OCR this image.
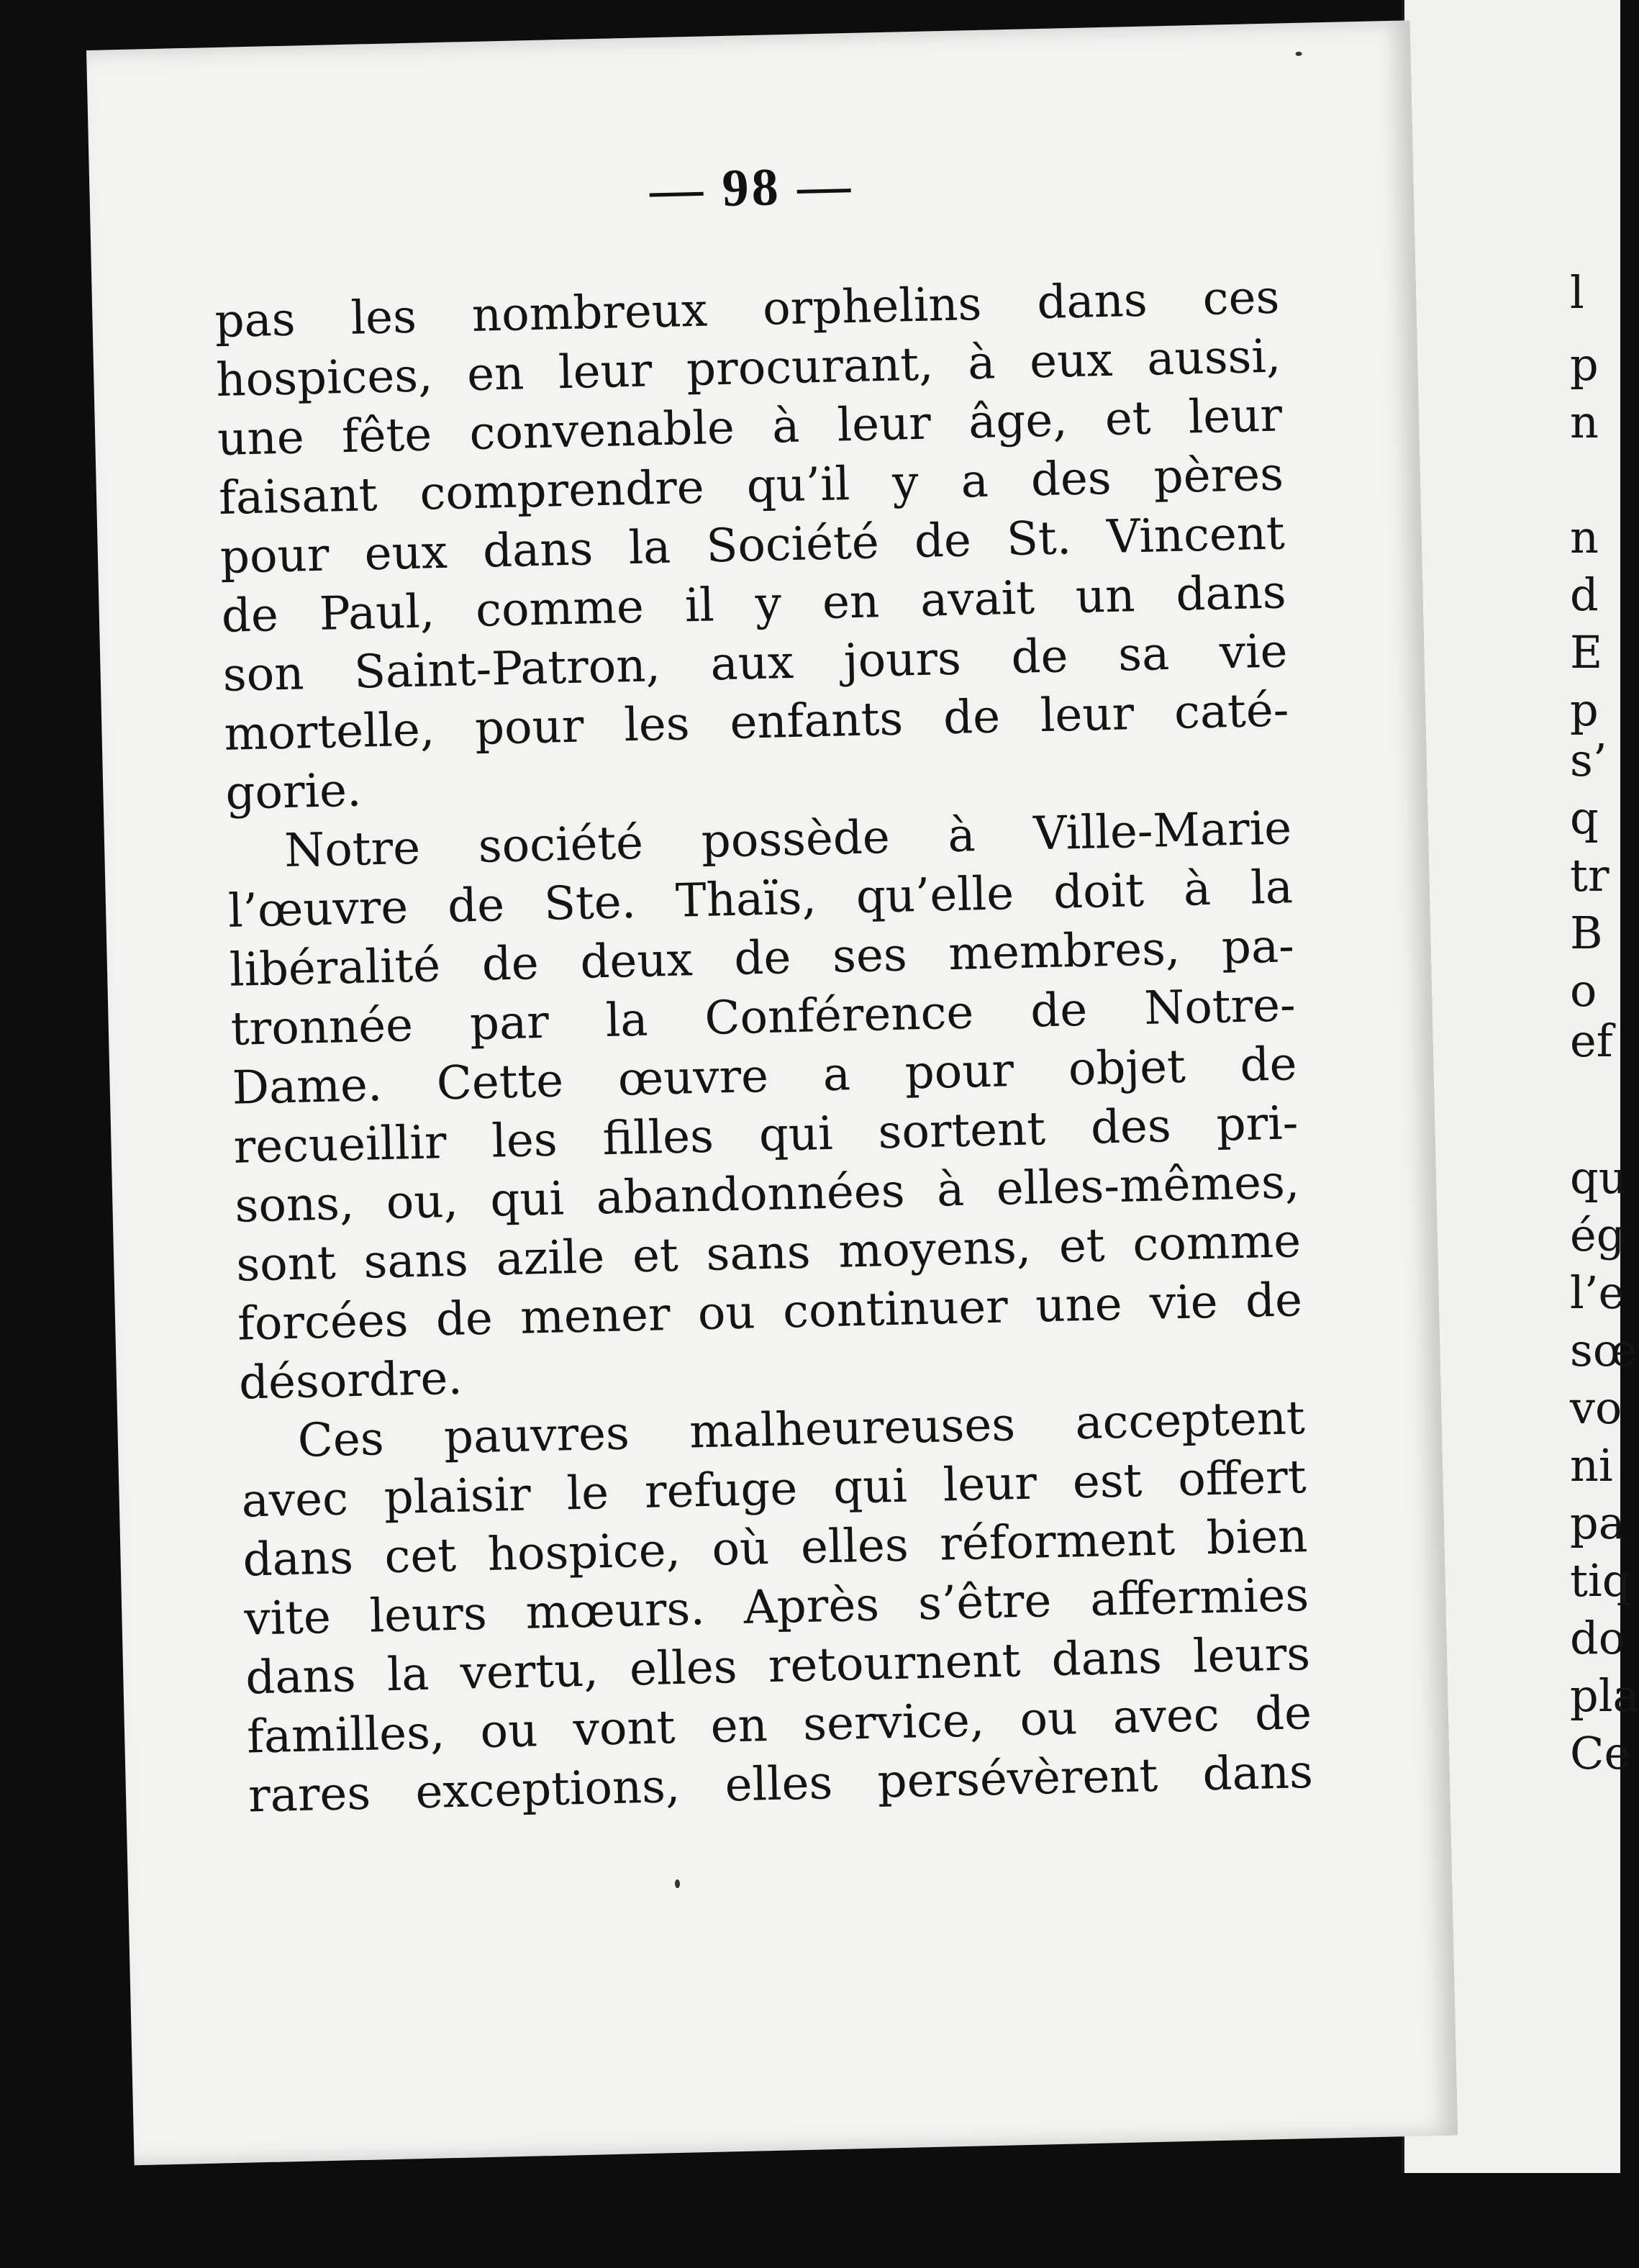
l
p
n
n
d
E
p
s’
q
tr
B
o
ef
qu
ég
l’e
sœ
vo
ni
pa
tiq
do
pla
Ce
— 98 —
pas les nombreux orphelins dans ces
hospices, en leur procurant, à eux aussi,
une fête convenable à leur âge, et leur
faisant comprendre qu’il y a des pères
pour eux dans la Société de St. Vincent
de Paul, comme il y en avait un dans
son Saint-Patron, aux jours de sa vie
mortelle, pour les enfants de leur caté-
gorie.
Notre société possède à Ville-Marie
l’œuvre de Ste. Thaïs, qu’elle doit à la
libéralité de deux de ses membres, pa-
tronnée par la Conférence de Notre-
Dame. Cette œuvre a pour objet de
recueillir les filles qui sortent des pri-
sons, ou, qui abandonnées à elles-mêmes,
sont sans azile et sans moyens, et comme
forcées de mener ou continuer une vie de
désordre.
Ces pauvres malheureuses acceptent
avec plaisir le refuge qui leur est offert
dans cet hospice, où elles réforment bien
vite leurs mœurs. Après s’être affermies
dans la vertu, elles retournent dans leurs
familles, ou vont en service, ou avec de
rares exceptions, elles persévèrent dans
